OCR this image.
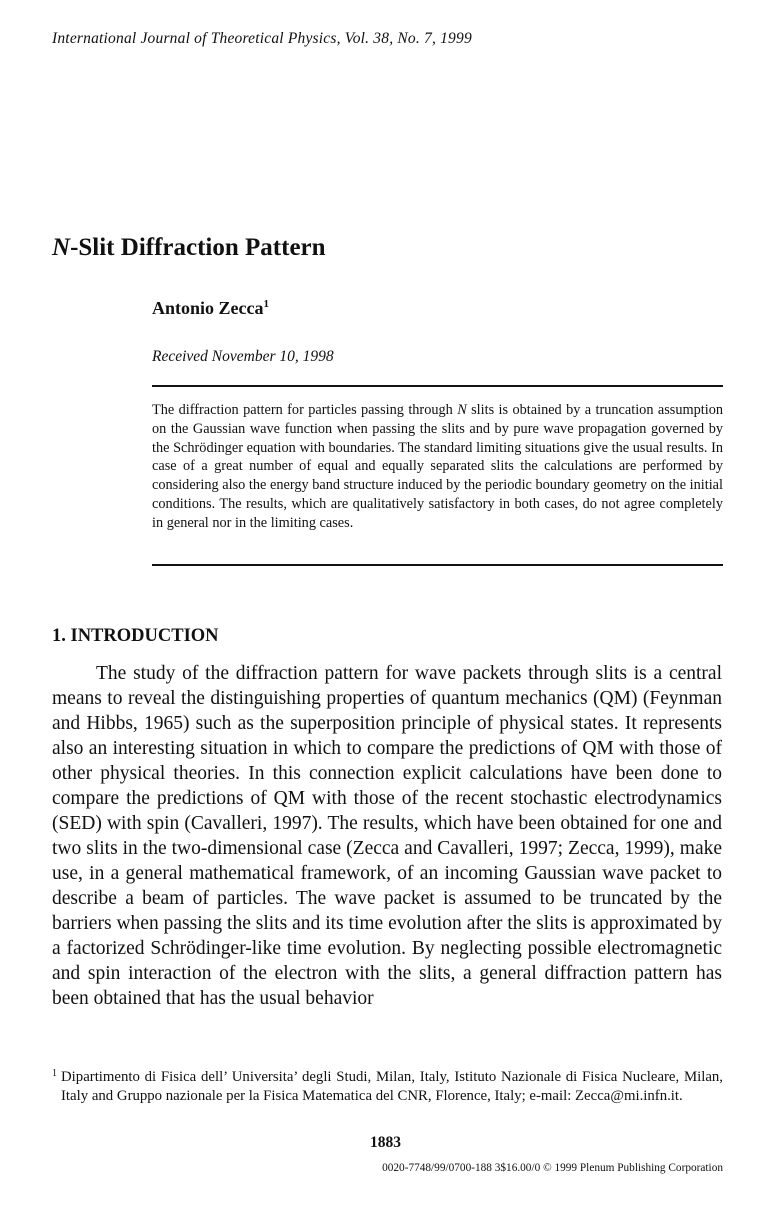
International Journal of Theoretical Physics, Vol. 38, No. 7, 1999
N-Slit Diffraction Pattern
Antonio Zecca$^1$
Received November 10, 1998
The diffraction pattern for particles passing through N slits is obtained by a truncation assumption on the Gaussian wave function when passing the slits and by pure wave propagation governed by the Schrödinger equation with boundaries. The standard limiting situations give the usual results. In case of a great number of equal and equally separated slits the calculations are performed by considering also the energy band structure induced by the periodic boundary geometry on the initial conditions. The results, which are qualitatively satisfactory in both cases, do not agree completely in general nor in the limiting cases.
1. INTRODUCTION
The study of the diffraction pattern for wave packets through slits is a central means to reveal the distinguishing properties of quantum mechanics (QM) (Feynman and Hibbs, 1965) such as the superposition principle of physical states. It represents also an interesting situation in which to compare the predictions of QM with those of other physical theories. In this connection explicit calculations have been done to compare the predictions of QM with those of the recent stochastic electrodynamics (SED) with spin (Cavalleri, 1997). The results, which have been obtained for one and two slits in the two-dimensional case (Zecca and Cavalleri, 1997; Zecca, 1999), make use, in a general mathematical framework, of an incoming Gaussian wave packet to describe a beam of particles. The wave packet is assumed to be truncated by the barriers when passing the slits and its time evolution after the slits is approximated by a factorized Schrödinger-like time evolution. By neglecting possible electromagnetic and spin interaction of the electron with the slits, a general diffraction pattern has been obtained that has the usual behavior
1 Dipartimento di Fisica dell’ Universita’ degli Studi, Milan, Italy, Istituto Nazionale di Fisica Nucleare, Milan, Italy and Gruppo nazionale per la Fisica Matematica del CNR, Florence, Italy; e-mail: Zecca@mi.infn.it.
1883
0020-7748/99/0700-188 3$16.00/0 © 1999 Plenum Publishing Corporation
